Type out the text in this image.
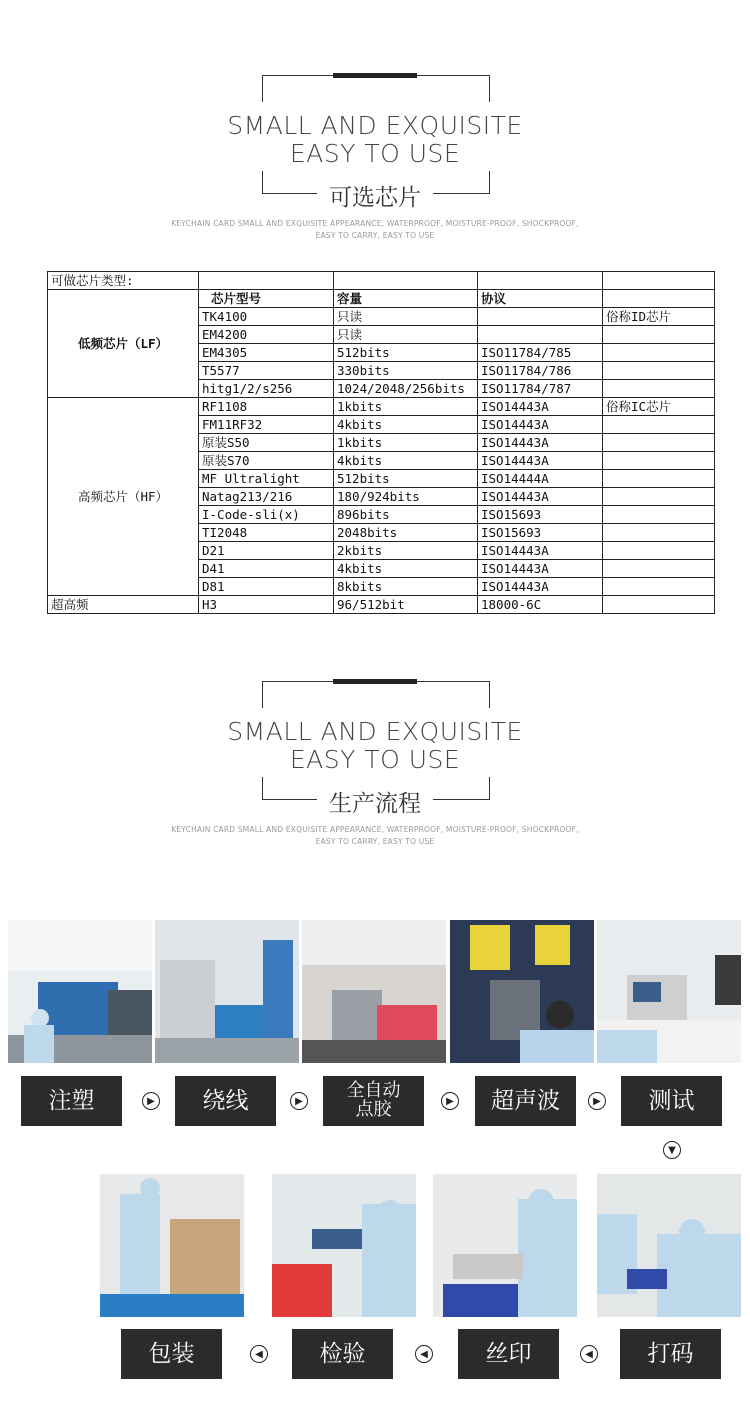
SMALL AND EXQUISITE
EASY TO USE
可选芯片
KEYCHAIN CARD SMALL AND EXQUISITE APPEARANCE, WATERPROOF, MOISTURE-PROOF, SHOCKPROOF,
EASY TO CARRY, EASY TO USE
可做芯片类型:				
低频芯片（LF）	芯片型号	容量	协议	
	TK4100	只读		俗称ID芯片
	EM4200	只读		
	EM4305	512bits	ISO11784/785	
	T5577	330bits	ISO11784/786	
	hitg1/2/s256	1024/2048/256bits	ISO11784/787	
高频芯片（HF）	RF1108	1kbits	ISO14443A	俗称IC芯片
	FM11RF32	4kbits	ISO14443A	
	原装S50	1kbits	ISO14443A	
	原装S70	4kbits	ISO14443A	
	MF Ultralight	512bits	ISO14444A	
	Natag213/216	180/924bits	ISO14443A	
	I-Code-sli(x)	896bits	ISO15693	
	TI2048	2048bits	ISO15693	
	D21	2kbits	ISO14443A	
	D41	4kbits	ISO14443A	
	D81	8kbits	ISO14443A	
超高频	H3	96/512bit	18000-6C	
SMALL AND EXQUISITE
EASY TO USE
生产流程
KEYCHAIN CARD SMALL AND EXQUISITE APPEARANCE, WATERPROOF, MOISTURE-PROOF, SHOCKPROOF,
EASY TO CARRY, EASY TO USE
注塑	▶	绕线	▶ 全自动
点胶	▶	超声波	▶	测试
▼
包装	◀	检验	◀	丝印	◀	打码
